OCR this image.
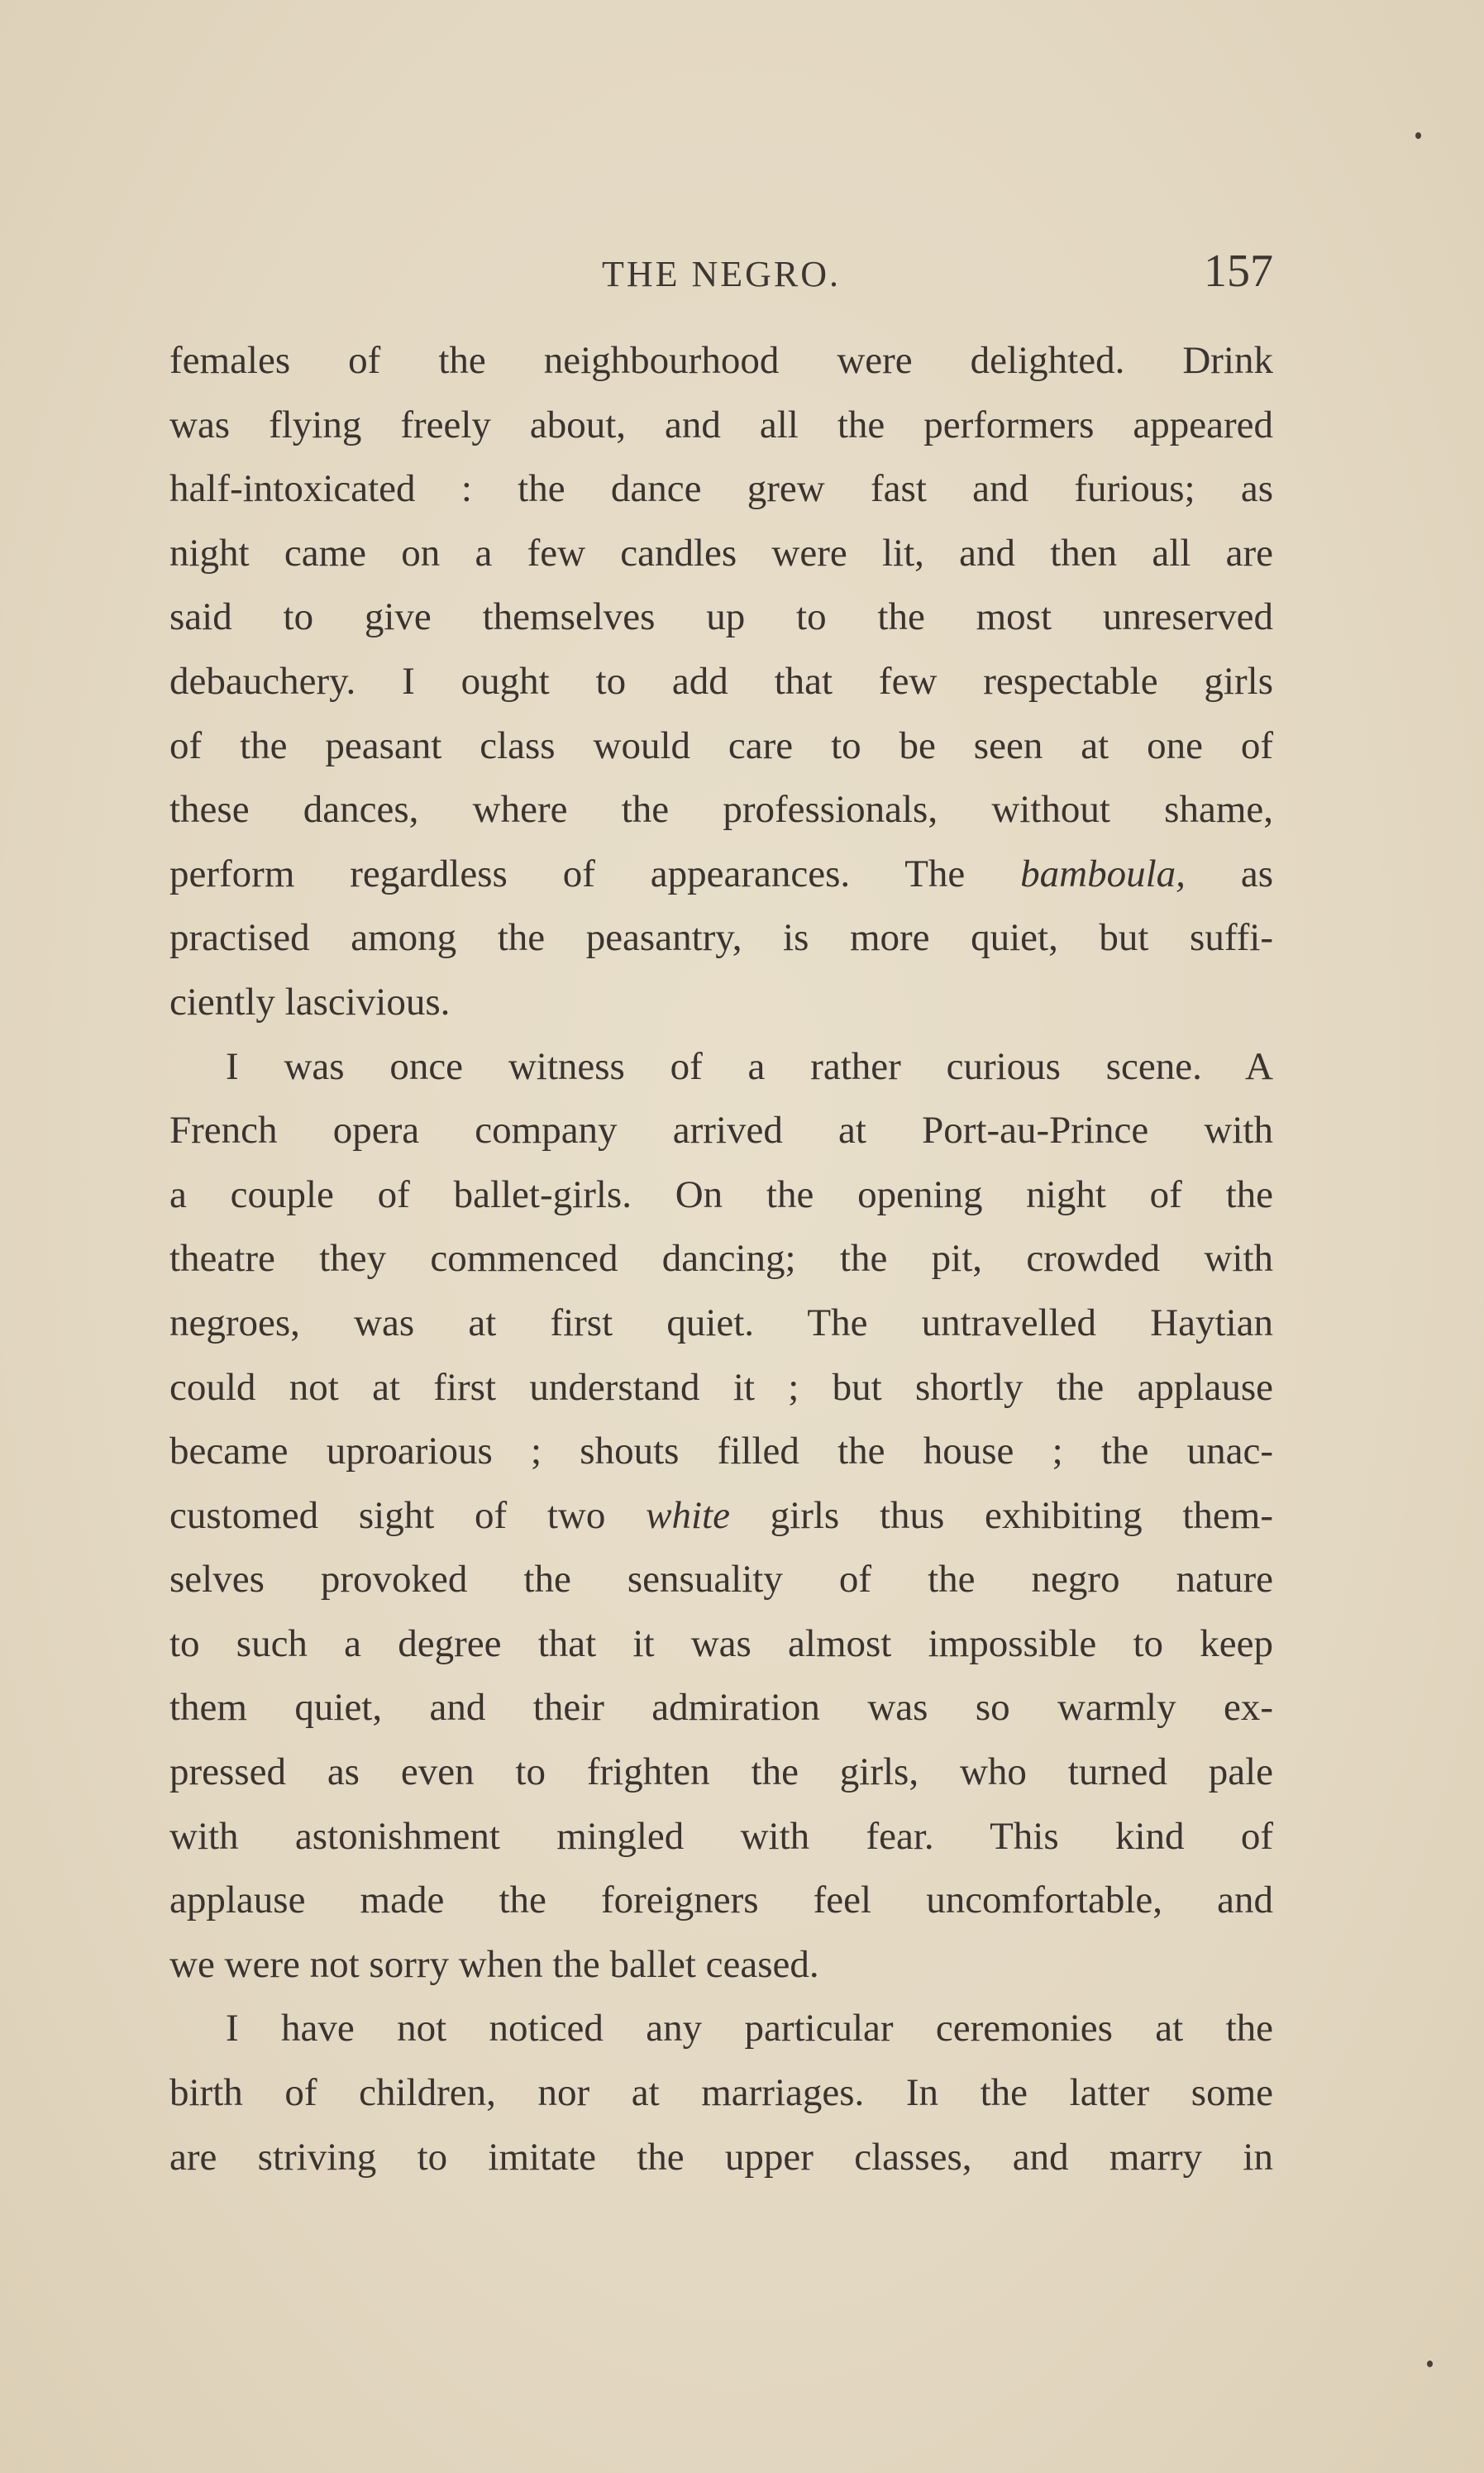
THE NEGRO.	157
females of the neighbourhood were delighted. Drink
was flying freely about, and all the performers appeared
half-intoxicated : the dance grew fast and furious; as
night came on a few candles were lit, and then all are
said to give themselves up to the most unreserved
debauchery. I ought to add that few respectable girls
of the peasant class would care to be seen at one of
these dances, where the professionals, without shame,
perform regardless of appearances. The bamboula, as
practised among the peasantry, is more quiet, but suffi-
ciently lascivious.
I was once witness of a rather curious scene. A
French opera company arrived at Port-au-Prince with
a couple of ballet-girls. On the opening night of the
theatre they commenced dancing; the pit, crowded with
negroes, was at first quiet. The untravelled Haytian
could not at first understand it ; but shortly the applause
became uproarious ; shouts filled the house ; the unac-
customed sight of two white girls thus exhibiting them-
selves provoked the sensuality of the negro nature
to such a degree that it was almost impossible to keep
them quiet, and their admiration was so warmly ex-
pressed as even to frighten the girls, who turned pale
with astonishment mingled with fear. This kind of
applause made the foreigners feel uncomfortable, and
we were not sorry when the ballet ceased.
I have not noticed any particular ceremonies at the
birth of children, nor at marriages. In the latter some
are striving to imitate the upper classes, and marry in
